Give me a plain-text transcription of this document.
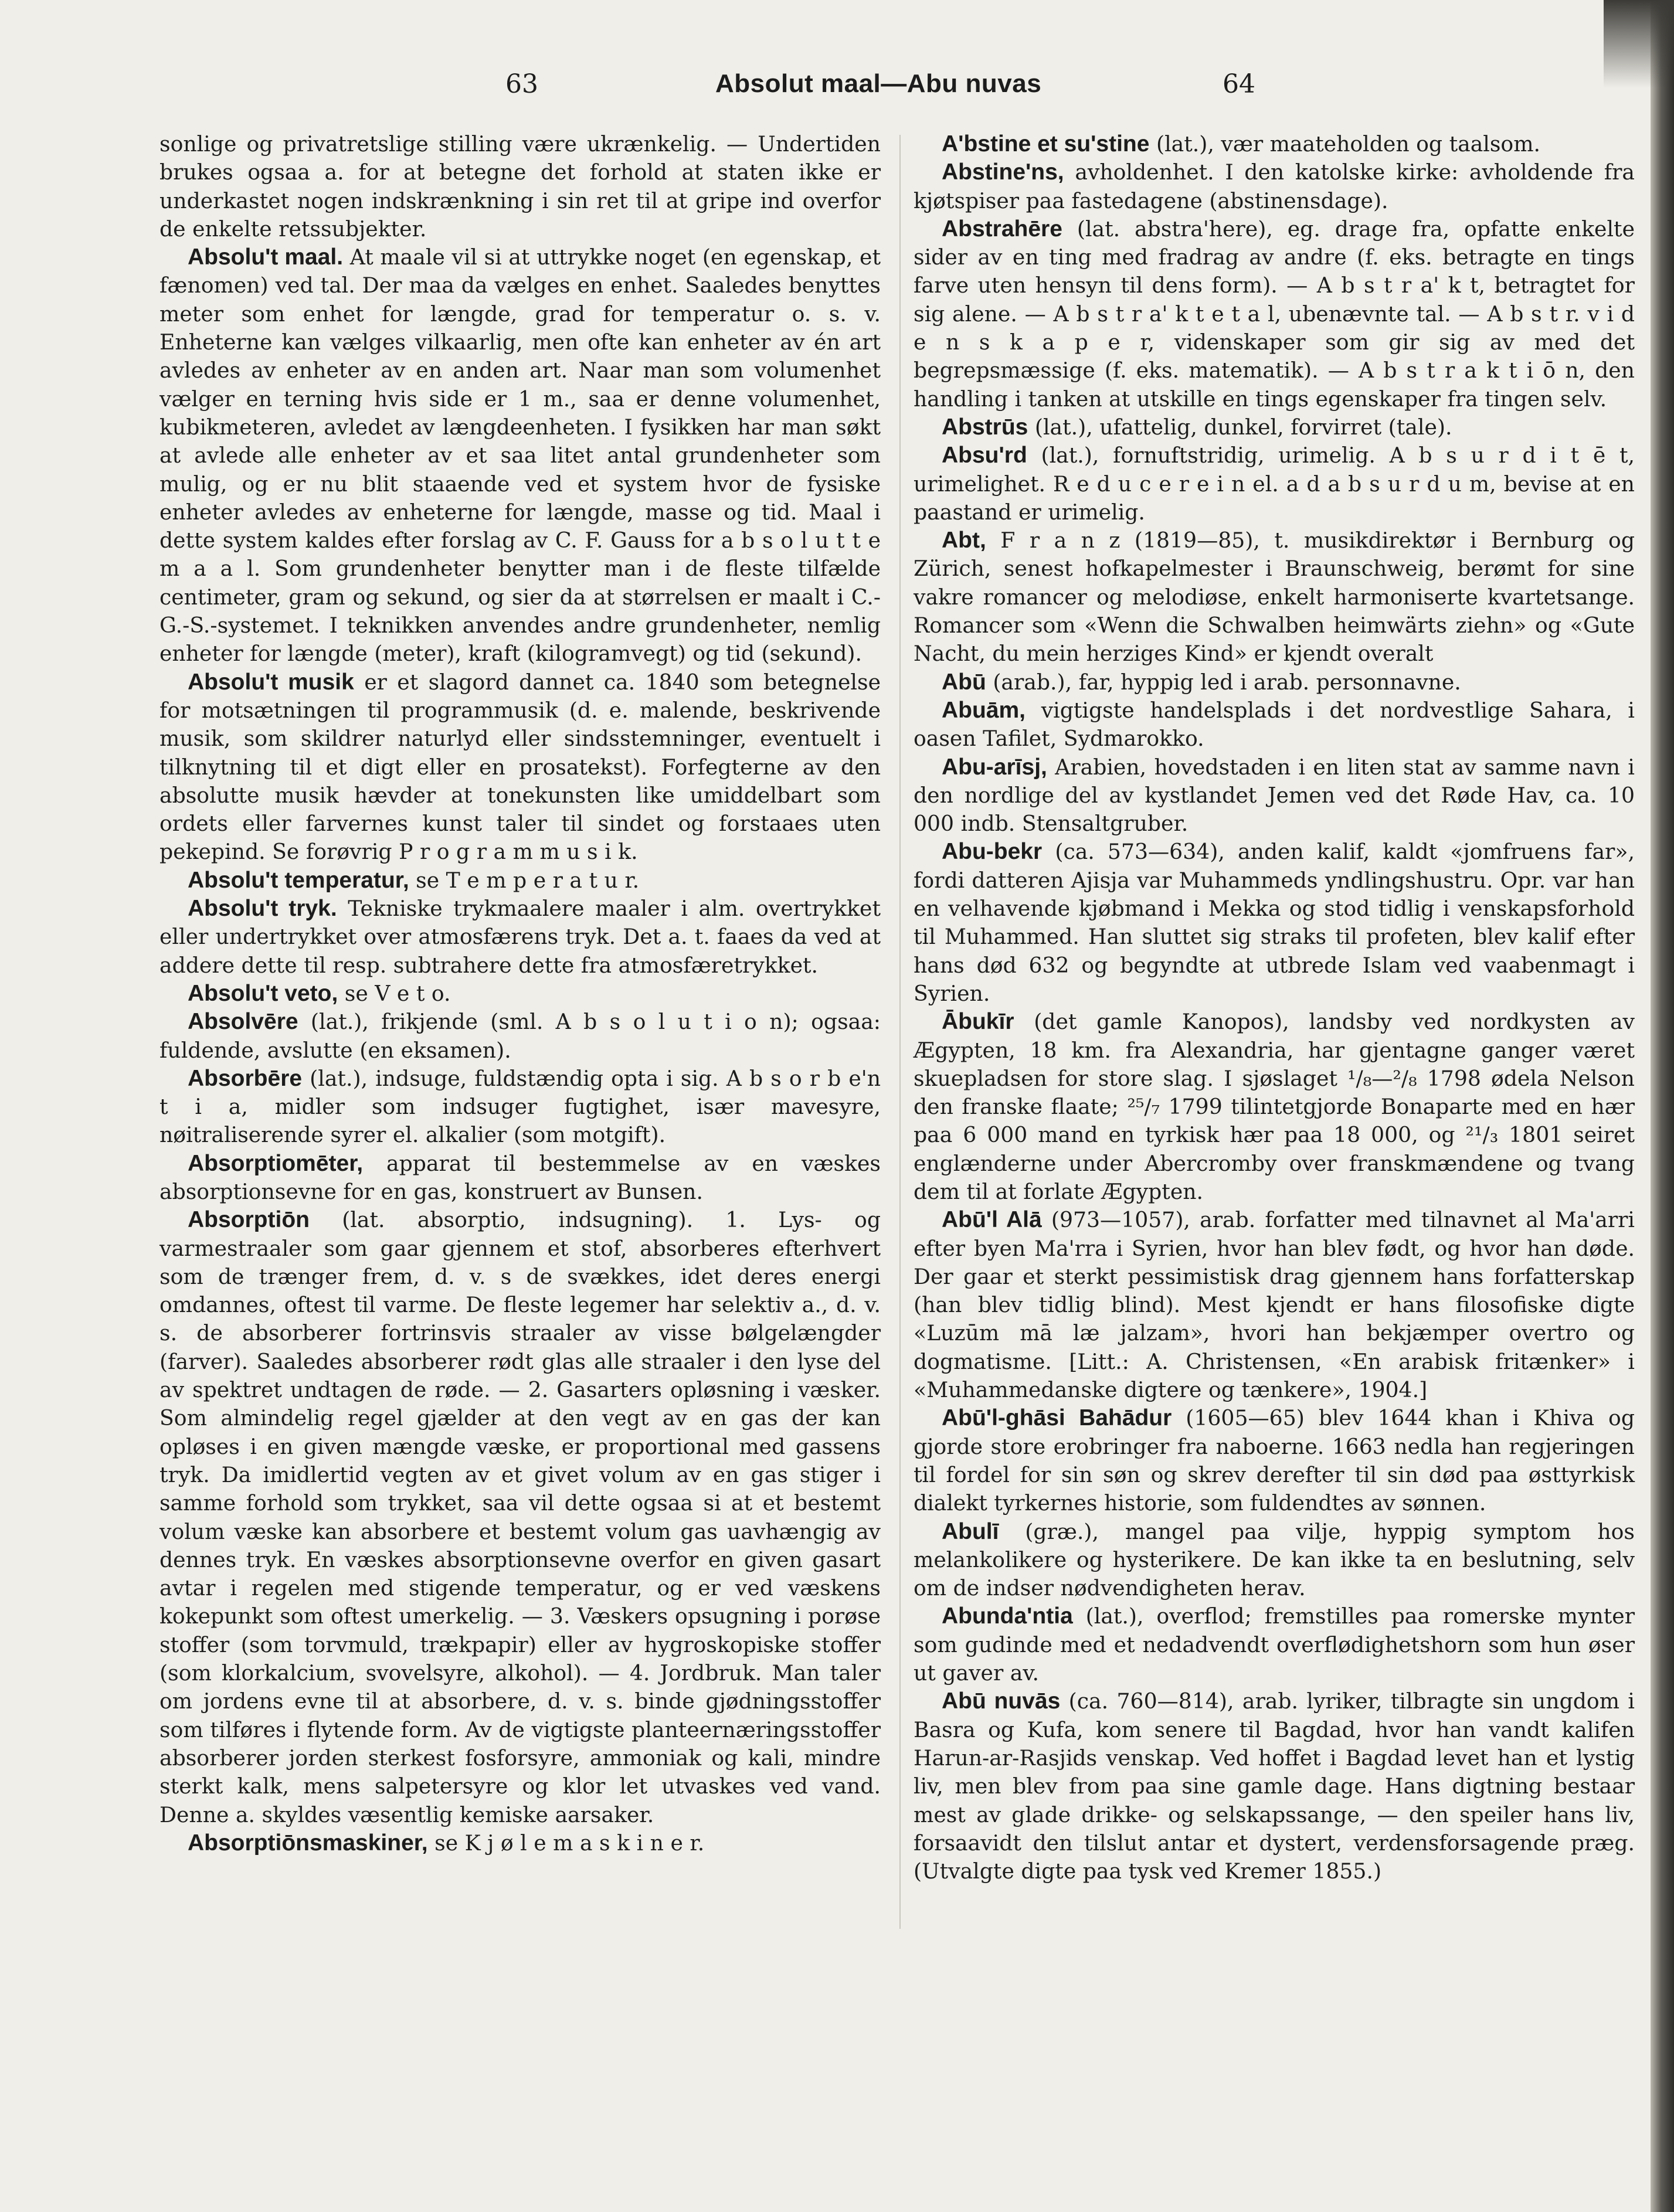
63	Absolut maal—Abu nuvas	64

sonlige og privatretslige stilling være ukrænkelig. — Undertiden brukes ogsaa a. for at betegne det forhold at staten ikke er underkastet nogen indskrænkning i sin ret til at gripe ind overfor de enkelte retssubjekter.

Absolu't maal. At maale vil si at uttrykke noget (en egenskap, et fænomen) ved tal. Der maa da vælges en enhet. Saaledes benyttes meter som enhet for længde, grad for temperatur o. s. v. Enheterne kan vælges vilkaarlig, men ofte kan enheter av én art avledes av enheter av en anden art. Naar man som volumenhet vælger en terning hvis side er 1 m., saa er denne volumenhet, kubikmeteren, avledet av længdeenheten. I fysikken har man søkt at avlede alle enheter av et saa litet antal grundenheter som mulig, og er nu blit staaende ved et system hvor de fysiske enheter avledes av enheterne for længde, masse og tid. Maal i dette system kaldes efter forslag av C. F. Gauss for a b s o l u t t e m a a l. Som grundenheter benytter man i de fleste tilfælde centimeter, gram og sekund, og sier da at størrelsen er maalt i C.-G.-S.-systemet. I teknikken anvendes andre grundenheter, nemlig enheter for længde (meter), kraft (kilogramvegt) og tid (sekund).

Absolu't musik er et slagord dannet ca. 1840 som betegnelse for motsætningen til programmusik (d. e. malende, beskrivende musik, som skildrer naturlyd eller sindsstemninger, eventuelt i tilknytning til et digt eller en prosatekst). Forfegterne av den absolutte musik hævder at tonekunsten like umiddelbart som ordets eller farvernes kunst taler til sindet og forstaaes uten pekepind. Se forøvrig P r o g r a m m u s i k.

Absolu't temperatur, se T e m p e r a t u r.

Absolu't tryk. Tekniske trykmaalere maaler i alm. overtrykket eller undertrykket over atmosfærens tryk. Det a. t. faaes da ved at addere dette til resp. subtrahere dette fra atmosfæretrykket.

Absolu't veto, se V e t o.

Absolvēre (lat.), frikjende (sml. A b s o l u t i o n); ogsaa: fuldende, avslutte (en eksamen).

Absorbēre (lat.), indsuge, fuldstændig opta i sig. A b s o r b e'n t i a, midler som indsuger fugtighet, især mavesyre, nøitraliserende syrer el. alkalier (som motgift).

Absorptiomēter, apparat til bestemmelse av en væskes absorptionsevne for en gas, konstruert av Bunsen.

Absorptiōn (lat. absorptio, indsugning). 1. Lys- og varmestraaler som gaar gjennem et stof, absorberes efterhvert som de trænger frem, d. v. s de svækkes, idet deres energi omdannes, oftest til varme. De fleste legemer har selektiv a., d. v. s. de absorberer fortrinsvis straaler av visse bølgelængder (farver). Saaledes absorberer rødt glas alle straaler i den lyse del av spektret undtagen de røde. — 2. Gasarters opløsning i væsker. Som almindelig regel gjælder at den vegt av en gas der kan opløses i en given mængde væske, er proportional med gassens tryk. Da imidlertid vegten av et givet volum av en gas stiger i samme forhold som trykket, saa vil dette ogsaa si at et bestemt volum væske kan absorbere et bestemt volum gas uavhængig av dennes tryk. En væskes absorptionsevne overfor en given gasart avtar i regelen med stigende temperatur, og er ved væskens kokepunkt som oftest umerkelig. — 3. Væskers opsugning i porøse stoffer (som torvmuld, trækpapir) eller av hygroskopiske stoffer (som klorkalcium, svovelsyre, alkohol). — 4. Jordbruk. Man taler om jordens evne til at absorbere, d. v. s. binde gjødningsstoffer som tilføres i flytende form. Av de vigtigste planteernæringsstoffer absorberer jorden sterkest fosforsyre, ammoniak og kali, mindre sterkt kalk, mens salpetersyre og klor let utvaskes ved vand. Denne a. skyldes væsentlig kemiske aarsaker.

Absorptiōnsmaskiner, se K j ø l e m a s k i n e r.

A'bstine et su'stine (lat.), vær maateholden og taalsom.

Abstine'ns, avholdenhet. I den katolske kirke: avholdende fra kjøtspiser paa fastedagene (abstinensdage).

Abstrahēre (lat. abstra'here), eg. drage fra, opfatte enkelte sider av en ting med fradrag av andre (f. eks. betragte en tings farve uten hensyn til dens form). — A b s t r a' k t, betragtet for sig alene. — A b s t r a' k t e t a l, ubenævnte tal. — A b s t r. v i d e n s k a p e r, videnskaper som gir sig av med det begrepsmæssige (f. eks. matematik). — A b s t r a k t i ō n, den handling i tanken at utskille en tings egenskaper fra tingen selv.

Abstrūs (lat.), ufattelig, dunkel, forvirret (tale).

Absu'rd (lat.), fornuftstridig, urimelig. A b s u r d i t ē t, urimelighet. R e d u c e r e i n el. a d a b s u r d u m, bevise at en paastand er urimelig.

Abt, F r a n z (1819—85), t. musikdirektør i Bernburg og Zürich, senest hofkapelmester i Braunschweig, berømt for sine vakre romancer og melodiøse, enkelt harmoniserte kvartetsange. Romancer som «Wenn die Schwalben heimwärts ziehn» og «Gute Nacht, du mein herziges Kind» er kjendt overalt

Abū (arab.), far, hyppig led i arab. personnavne.

Abuām, vigtigste handelsplads i det nordvestlige Sahara, i oasen Tafilet, Sydmarokko.

Abu-arīsj, Arabien, hovedstaden i en liten stat av samme navn i den nordlige del av kystlandet Jemen ved det Røde Hav, ca. 10 000 indb. Stensaltgruber.

Abu-bekr (ca. 573—634), anden kalif, kaldt «jomfruens far», fordi datteren Ajisja var Muhammeds yndlingshustru. Opr. var han en velhavende kjøbmand i Mekka og stod tidlig i venskapsforhold til Muhammed. Han sluttet sig straks til profeten, blev kalif efter hans død 632 og begyndte at utbrede Islam ved vaabenmagt i Syrien.

Ābukīr (det gamle Kanopos), landsby ved nordkysten av Ægypten, 18 km. fra Alexandria, har gjentagne ganger været skuepladsen for store slag. I sjøslaget ¹/₈—²/₈ 1798 ødela Nelson den franske flaate; ²⁵/₇ 1799 tilintetgjorde Bonaparte med en hær paa 6 000 mand en tyrkisk hær paa 18 000, og ²¹/₃ 1801 seiret englænderne under Abercromby over franskmændene og tvang dem til at forlate Ægypten.

Abū'l Alā (973—1057), arab. forfatter med tilnavnet al Ma'arri efter byen Ma'rra i Syrien, hvor han blev født, og hvor han døde. Der gaar et sterkt pessimistisk drag gjennem hans forfatterskap (han blev tidlig blind). Mest kjendt er hans filosofiske digte «Luzūm mā læ jalzam», hvori han bekjæmper overtro og dogmatisme. [Litt.: A. Christensen, «En arabisk fritænker» i «Muhammedanske digtere og tænkere», 1904.]

Abū'l-ghāsi Bahādur (1605—65) blev 1644 khan i Khiva og gjorde store erobringer fra naboerne. 1663 nedla han regjeringen til fordel for sin søn og skrev derefter til sin død paa østtyrkisk dialekt tyrkernes historie, som fuldendtes av sønnen.

Abulī (græ.), mangel paa vilje, hyppig symptom hos melankolikere og hysterikere. De kan ikke ta en beslutning, selv om de indser nødvendigheten herav.

Abunda'ntia (lat.), overflod; fremstilles paa romerske mynter som gudinde med et nedadvendt overflødighetshorn som hun øser ut gaver av.

Abū nuvās (ca. 760—814), arab. lyriker, tilbragte sin ungdom i Basra og Kufa, kom senere til Bagdad, hvor han vandt kalifen Harun-ar-Rasjids venskap. Ved hoffet i Bagdad levet han et lystig liv, men blev from paa sine gamle dage. Hans digtning bestaar mest av glade drikke- og selskapssange, — den speiler hans liv, forsaavidt den tilslut antar et dystert, verdensforsagende præg. (Utvalgte digte paa tysk ved Kremer 1855.)
